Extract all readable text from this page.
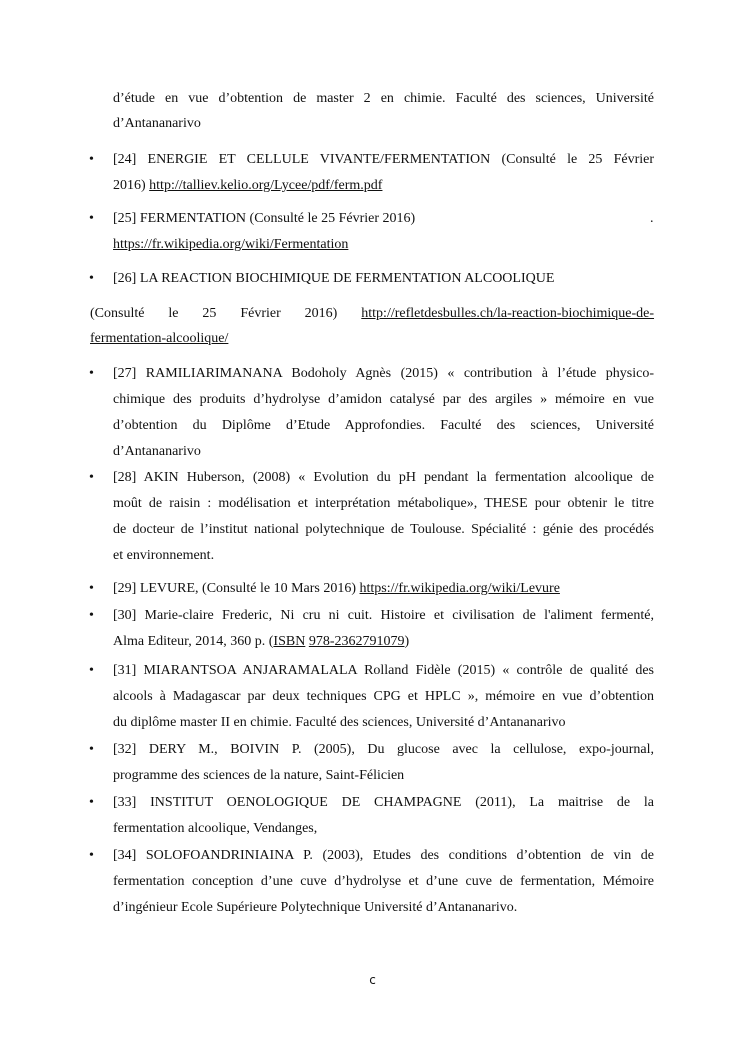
d’étude en vue d’obtention de master 2 en chimie. Faculté des sciences, Université
d’Antananarivo
• [24] ENERGIE ET CELLULE VIVANTE/FERMENTATION (Consulté le 25 Février
2016) http://talliev.kelio.org/Lycee/pdf/ferm.pdf
• [25] FERMENTATION (Consulté le 25 Février 2016)	.
https://fr.wikipedia.org/wiki/Fermentation
• [26] LA REACTION BIOCHIMIQUE DE FERMENTATION ALCOOLIQUE
(Consulté le 25 Février 2016) http://refletdesbulles.ch/la-reaction-biochimique-de-
fermentation-alcoolique/
• [27] RAMILIARIMANANA Bodoholy Agnès (2015) « contribution à l’étude physico-
chimique des produits d’hydrolyse d’amidon catalysé par des argiles » mémoire en vue
d’obtention du Diplôme d’Etude Approfondies. Faculté des sciences, Université
d’Antananarivo
• [28] AKIN Huberson, (2008) « Evolution du pH pendant la fermentation alcoolique de
moût de raisin : modélisation et interprétation métabolique», THESE pour obtenir le titre
de docteur de l’institut national polytechnique de Toulouse. Spécialité : génie des procédés
et environnement.
• [29] LEVURE, (Consulté le 10 Mars 2016) https://fr.wikipedia.org/wiki/Levure
• [30] Marie-claire Frederic, Ni cru ni cuit. Histoire et civilisation de l'aliment fermenté,
Alma Editeur, 2014, 360 p. (ISBN 978-2362791079)
• [31] MIARANTSOA ANJARAMALALA Rolland Fidèle (2015) « contrôle de qualité des
alcools à Madagascar par deux techniques CPG et HPLC », mémoire en vue d’obtention
du diplôme master II en chimie. Faculté des sciences, Université d’Antananarivo
• [32] DERY M., BOIVIN P. (2005), Du glucose avec la cellulose, expo-journal,
programme des sciences de la nature, Saint-Félicien
• [33] INSTITUT OENOLOGIQUE DE CHAMPAGNE (2011), La maitrise de la
fermentation alcoolique, Vendanges,
• [34] SOLOFOANDRINIAINA P. (2003), Etudes des conditions d’obtention de vin de
fermentation conception d’une cuve d’hydrolyse et d’une cuve de fermentation, Mémoire
d’ingénieur Ecole Supérieure Polytechnique Université d’Antananarivo.
c
